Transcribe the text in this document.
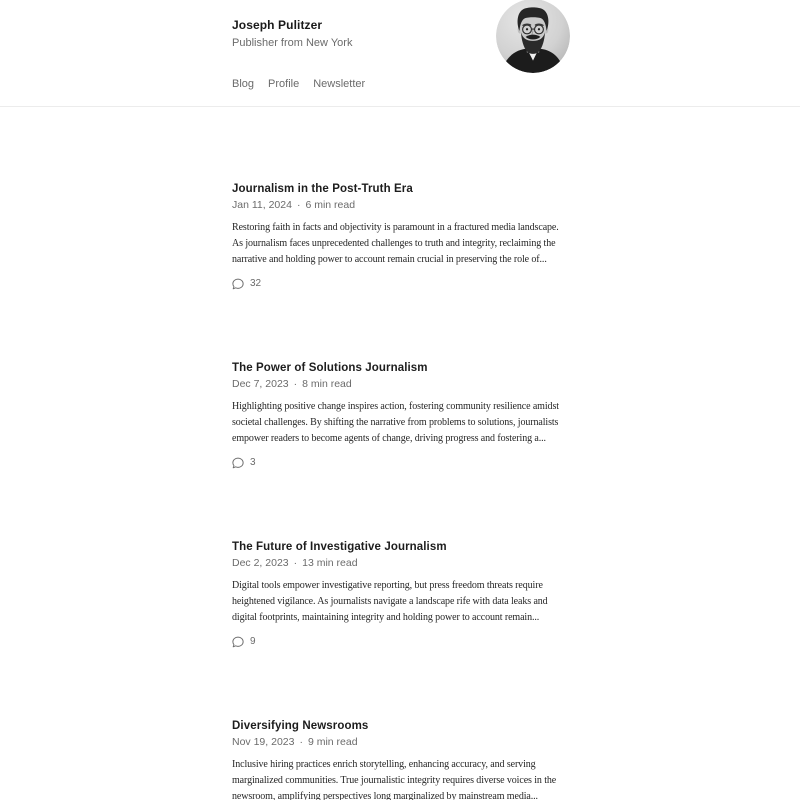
Joseph Pulitzer
Publisher from New York
Blog Profile Newsletter
Journalism in the Post-Truth Era
Jan 11, 2024 · 6 min read

Restoring faith in facts and objectivity is paramount in a fractured media landscape. As journalism faces unprecedented challenges to truth and integrity, reclaiming the narrative and holding power to account remain crucial in preserving the role of...

32
The Power of Solutions Journalism
Dec 7, 2023 · 8 min read

Highlighting positive change inspires action, fostering community resilience amidst societal challenges. By shifting the narrative from problems to solutions, journalists empower readers to become agents of change, driving progress and fostering a...

3
The Future of Investigative Journalism
Dec 2, 2023 · 13 min read

Digital tools empower investigative reporting, but press freedom threats require heightened vigilance. As journalists navigate a landscape rife with data leaks and digital footprints, maintaining integrity and holding power to account remain...

9
Diversifying Newsrooms
Nov 19, 2023 · 9 min read

Inclusive hiring practices enrich storytelling, enhancing accuracy, and serving marginalized communities. True journalistic integrity requires diverse voices in the newsroom, amplifying perspectives long marginalized by mainstream media...
